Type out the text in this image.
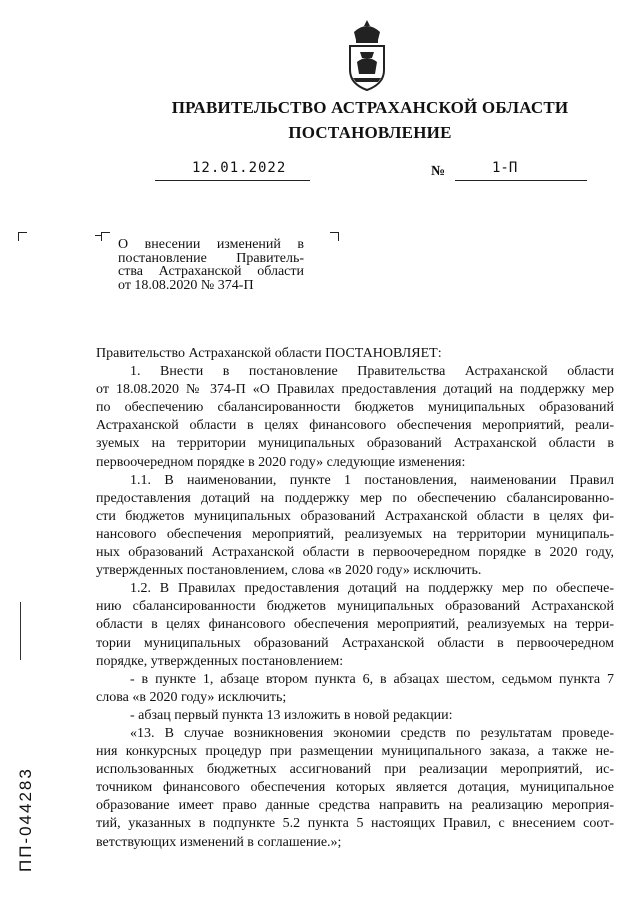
ПРАВИТЕЛЬСТВО АСТРАХАНСКОЙ ОБЛАСТИ
ПОСТАНОВЛЕНИЕ
12.01.2022	№	1-П
О внесении изменений в
постановление Правитель-
ства Астраханской области
от 18.08.2020 № 374-П

Правительство Астраханской области ПОСТАНОВЛЯЕТ:

1. Внести в постановление Правительства Астраханской области
от 18.08.2020 № 374-П «О Правилах предоставления дотаций на поддержку мер
по обеспечению сбалансированности бюджетов муниципальных образований
Астраханской области в целях финансового обеспечения мероприятий, реали-
зуемых на территории муниципальных образований Астраханской области в
первоочередном порядке в 2020 году» следующие изменения:

1.1. В наименовании, пункте 1 постановления, наименовании Правил
предоставления дотаций на поддержку мер по обеспечению сбалансированно-
сти бюджетов муниципальных образований Астраханской области в целях фи-
нансового обеспечения мероприятий, реализуемых на территории муниципаль-
ных образований Астраханской области в первоочередном порядке в 2020 году,
утвержденных постановлением, слова «в 2020 году» исключить.

1.2. В Правилах предоставления дотаций на поддержку мер по обеспече-
нию сбалансированности бюджетов муниципальных образований Астраханской
области в целях финансового обеспечения мероприятий, реализуемых на терри-
тории муниципальных образований Астраханской области в первоочередном
порядке, утвержденных постановлением:

- в пункте 1, абзаце втором пункта 6, в абзацах шестом, седьмом пункта 7
слова «в 2020 году» исключить;

- абзац первый пункта 13 изложить в новой редакции:

«13. В случае возникновения экономии средств по результатам проведе-
ния конкурсных процедур при размещении муниципального заказа, а также не-
использованных бюджетных ассигнований при реализации мероприятий, ис-
точником финансового обеспечения которых является дотация, муниципальное
образование имеет право данные средства направить на реализацию мероприя-
тий, указанных в подпункте 5.2 пункта 5 настоящих Правил, с внесением соот-
ветствующих изменений в соглашение.»;

ПП-044283
